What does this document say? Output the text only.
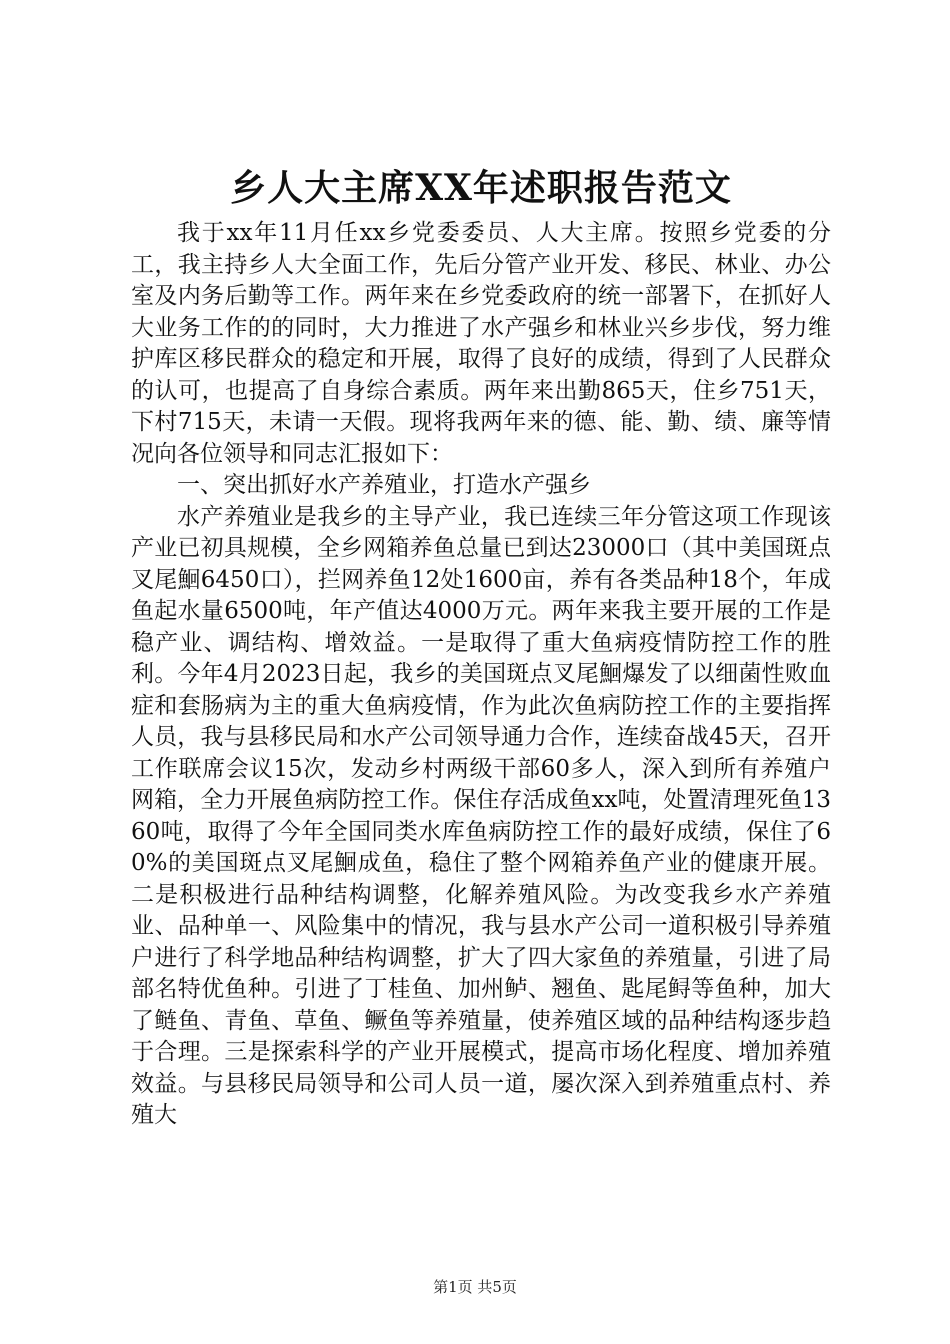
乡人大主席XX年述职报告范文

我于xx年11月任xx乡党委委员、人大主席。按照乡党委的分工，我主持乡人大全面工作，先后分管产业开发、移民、林业、办公室及内务后勤等工作。两年来在乡党委政府的统一部署下，在抓好人大业务工作的的同时，大力推进了水产强乡和林业兴乡步伐，努力维护库区移民群众的稳定和开展，取得了良好的成绩，得到了人民群众的认可，也提高了自身综合素质。两年来出勤865天，住乡751天，下村715天，未请一天假。现将我两年来的德、能、勤、绩、廉等情况向各位领导和同志汇报如下：

一、突出抓好水产养殖业，打造水产强乡

水产养殖业是我乡的主导产业，我已连续三年分管这项工作现该产业已初具规模，全乡网箱养鱼总量已到达23000口（其中美国斑点叉尾鮰6450口），拦网养鱼12处1600亩，养有各类品种18个，年成鱼起水量6500吨，年产值达4000万元。两年来我主要开展的工作是稳产业、调结构、增效益。一是取得了重大鱼病疫情防控工作的胜利。今年4月2023日起，我乡的美国斑点叉尾鮰爆发了以细菌性败血症和套肠病为主的重大鱼病疫情，作为此次鱼病防控工作的主要指挥人员，我与县移民局和水产公司领导通力合作，连续奋战45天，召开工作联席会议15次，发动乡村两级干部60多人，深入到所有养殖户网箱，全力开展鱼病防控工作。保住存活成鱼xx吨，处置清理死鱼1360吨，取得了今年全国同类水库鱼病防控工作的最好成绩，保住了60%的美国斑点叉尾鮰成鱼，稳住了整个网箱养鱼产业的健康开展。二是积极进行品种结构调整，化解养殖风险。为改变我乡水产养殖业、品种单一、风险集中的情况，我与县水产公司一道积极引导养殖户进行了科学地品种结构调整，扩大了四大家鱼的养殖量，引进了局部名特优鱼种。引进了丁桂鱼、加州鲈、翘鱼、匙尾鲟等鱼种，加大了鲢鱼、青鱼、草鱼、鳜鱼等养殖量，使养殖区域的品种结构逐步趋于合理。三是探索科学的产业开展模式，提高市场化程度、增加养殖效益。与县移民局领导和公司人员一道，屡次深入到养殖重点村、养殖大

第1页 共5页
